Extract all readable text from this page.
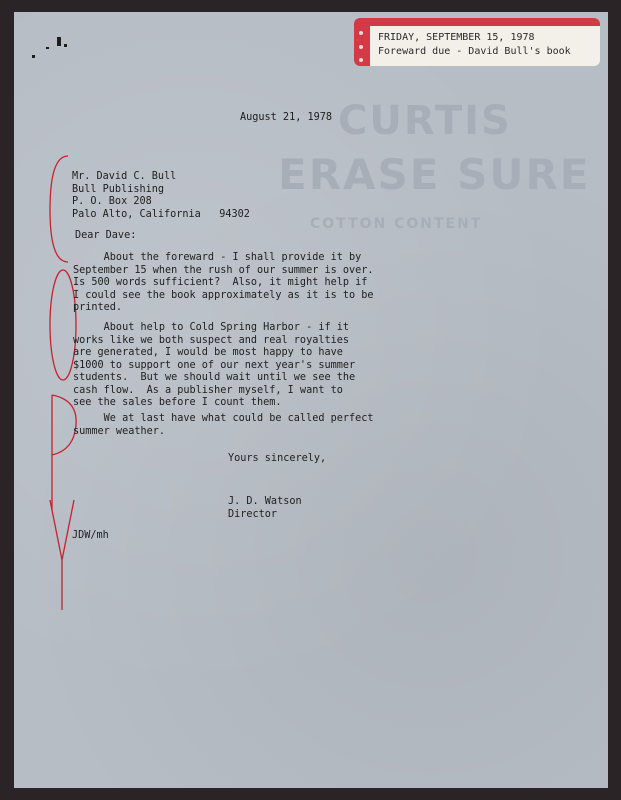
CURTIS
ERASE SURE
COTTON CONTENT
FRIDAY, SEPTEMBER 15, 1978
Foreward due - David Bull's book
COPY
August 21, 1978
Mr. David C. Bull
Bull Publishing
P. O. Box 208
Palo Alto, California   94302
Dear Dave:
About the foreward - I shall provide it by
September 15 when the rush of our summer is over.
Is 500 words sufficient?  Also, it might help if
I could see the book approximately as it is to be
printed.
About help to Cold Spring Harbor - if it
works like we both suspect and real royalties
are generated, I would be most happy to have
$1000 to support one of our next year's summer
students.  But we should wait until we see the
cash flow.  As a publisher myself, I want to
see the sales before I count them.
We at last have what could be called perfect
summer weather.
Yours sincerely,
J. D. Watson
Director
JDW/mh
